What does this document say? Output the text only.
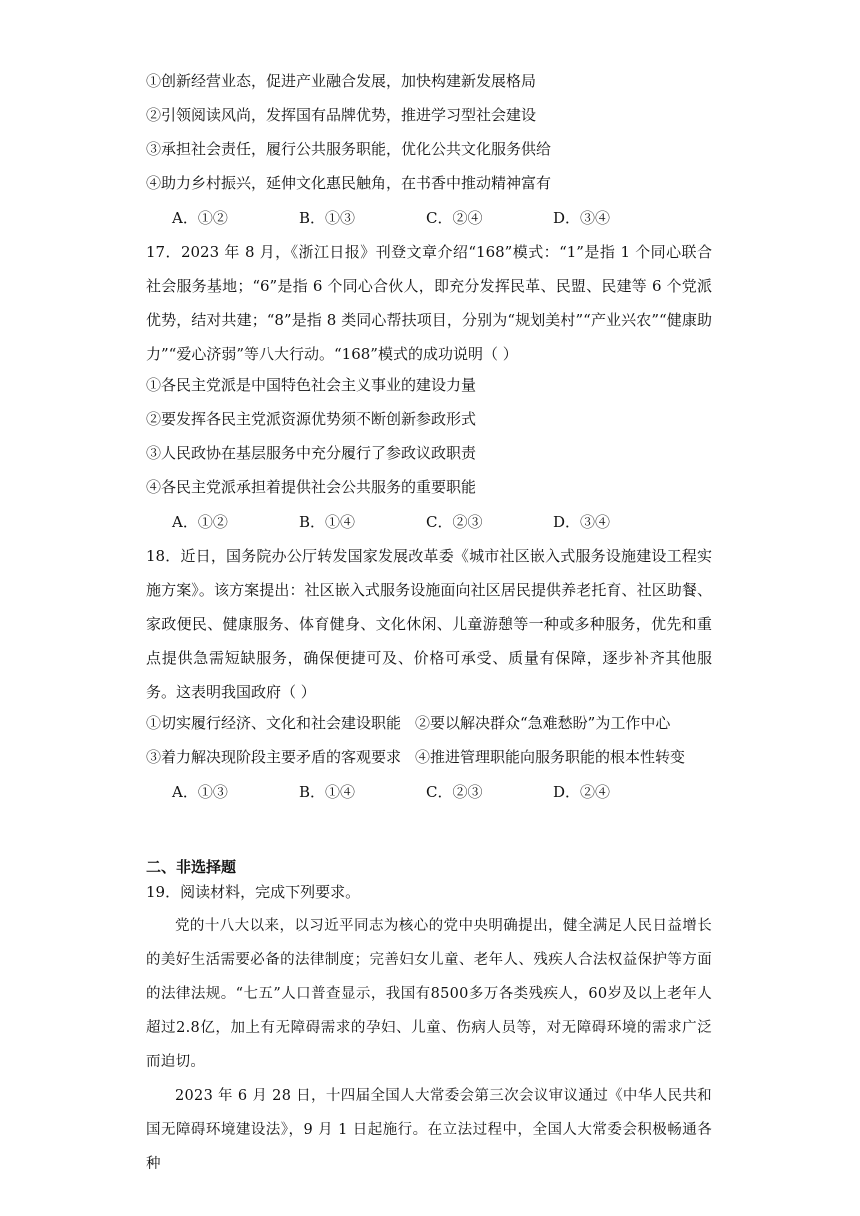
①创新经营业态，促进产业融合发展，加快构建新发展格局
②引领阅读风尚，发挥国有品牌优势，推进学习型社会建设
③承担社会责任，履行公共服务职能，优化公共文化服务供给
④助力乡村振兴，延伸文化惠民触角，在书香中推动精神富有
A．①②	B．①③	C．②④	D．③④
17．2023 年 8 月，《浙江日报》刊登文章介绍“168”模式：“1”是指 1 个同心联合社会服务基地；“6”是指 6 个同心合伙人，即充分发挥民革、民盟、民建等 6 个党派优势，结对共建；“8”是指 8 类同心帮扶项目，分别为“规划美村”“产业兴农”“健康助力”“爱心济弱”等八大行动。“168”模式的成功说明（ ）
①各民主党派是中国特色社会主义事业的建设力量
②要发挥各民主党派资源优势须不断创新参政形式
③人民政协在基层服务中充分履行了参政议政职责
④各民主党派承担着提供社会公共服务的重要职能
A．①②	B．①④	C．②③	D．③④
18．近日，国务院办公厅转发国家发展改革委《城市社区嵌入式服务设施建设工程实施方案》。该方案提出：社区嵌入式服务设施面向社区居民提供养老托育、社区助餐、家政便民、健康服务、体育健身、文化休闲、儿童游憩等一种或多种服务，优先和重点提供急需短缺服务，确保便捷可及、价格可承受、质量有保障，逐步补齐其他服务。这表明我国政府（ ）
①切实履行经济、文化和社会建设职能 ②要以解决群众“急难愁盼”为工作中心
③着力解决现阶段主要矛盾的客观要求 ④推进管理职能向服务职能的根本性转变
A．①③	B．①④	C．②③	D．②④
二、非选择题
19．阅读材料，完成下列要求。
党的十八大以来，以习近平同志为核心的党中央明确提出，健全满足人民日益增长的美好生活需要必备的法律制度；完善妇女儿童、老年人、残疾人合法权益保护等方面的法律法规。“七五”人口普查显示，我国有8500多万各类残疾人，60岁及以上老年人超过2.8亿，加上有无障碍需求的孕妇、儿童、伤病人员等，对无障碍环境的需求广泛而迫切。
2023 年 6 月 28 日，十四届全国人大常委会第三次会议审议通过《中华人民共和国无障碍环境建设法》，9 月 1 日起施行。在立法过程中，全国人大常委会积极畅通各种
